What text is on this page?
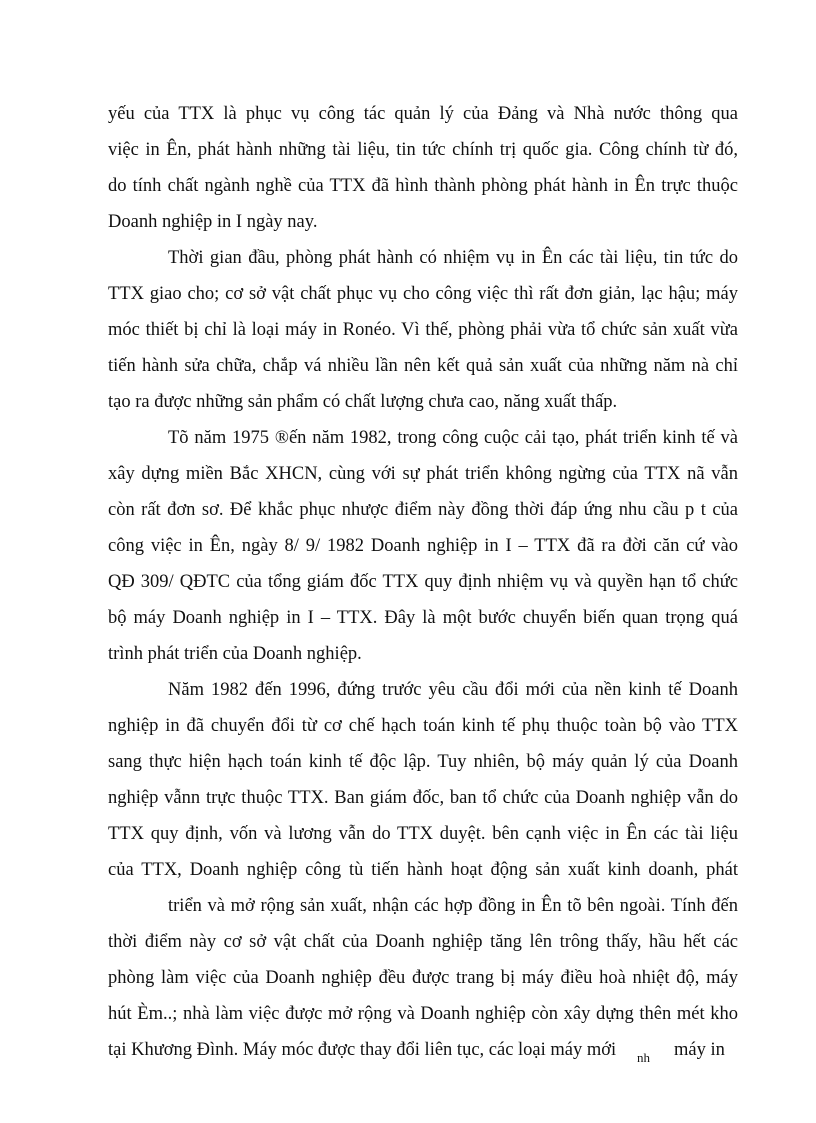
yếu của TTX là phục vụ công tác quản lý của Đảng và Nhà nước thông qua
việc in Ên, phát hành những tài liệu, tin tức chính trị quốc gia. Công chính từ đó,
do tính chất ngành nghề của TTX đã hình thành phòng phát hành in Ên trực thuộc
Doanh nghiệp in I ngày nay.
Thời gian đầu, phòng phát hành có nhiệm vụ in Ên các tài liệu, tin tức do
TTX giao cho; cơ sở vật chất phục vụ cho công việc thì rất đơn giản, lạc hậu; máy
móc thiết bị chỉ là loại máy in Ronéo. Vì thế, phòng phải vừa tổ chức sản xuất vừa
tiến hành sửa chữa, chắp vá nhiều lần nên kết quả sản xuất của những năm nà chỉ
tạo ra được những sản phẩm có chất lượng chưa cao, năng xuất thấp.
Tõ năm 1975 ®ến năm 1982, trong công cuộc cải tạo, phát triển kinh tế và
xây dựng miền Bắc XHCN, cùng với sự phát triển không ngừng của TTX nã vẫn
còn rất đơn sơ. Để khắc phục nhược điểm này đồng thời đáp ứng nhu cầu p t của
công việc in Ên, ngày 8/ 9/ 1982 Doanh nghiệp in I – TTX đã ra đời căn cứ vào
QĐ 309/ QĐTC của tổng giám đốc TTX quy định nhiệm vụ và quyền hạn tổ chức
bộ máy Doanh nghiệp in I – TTX. Đây là một bước chuyển biến quan trọng quá
trình phát triển của Doanh nghiệp.
Năm 1982 đến 1996, đứng trước yêu cầu đổi mới của nền kinh tế Doanh
nghiệp in đã chuyển đổi từ cơ chế hạch toán kinh tế phụ thuộc toàn bộ vào TTX
sang thực hiện hạch toán kinh tế độc lập. Tuy nhiên, bộ máy quản lý của Doanh
nghiệp vẫnn trực thuộc TTX. Ban giám đốc, ban tổ chức của Doanh nghiệp vẫn do
TTX quy định, vốn và lương vẫn do TTX duyệt. bên cạnh việc in Ên các tài liệu
của TTX, Doanh nghiệp công tù tiến hành hoạt động sản xuất kinh doanh, phát
triển và mở rộng sản xuất, nhận các hợp đồng in Ên tõ bên ngoài. Tính đến
thời điểm này cơ sở vật chất của Doanh nghiệp tăng lên trông thấy, hầu hết các
phòng làm việc của Doanh nghiệp đều được trang bị máy điều hoà nhiệt độ, máy
hút Èm..; nhà làm việc được mở rộng và Doanh nghiệp còn xây dựng thên mét kho
tại Khương Đình. Máy móc được thay đổi liên tục, các loại máy mới nh máy in
